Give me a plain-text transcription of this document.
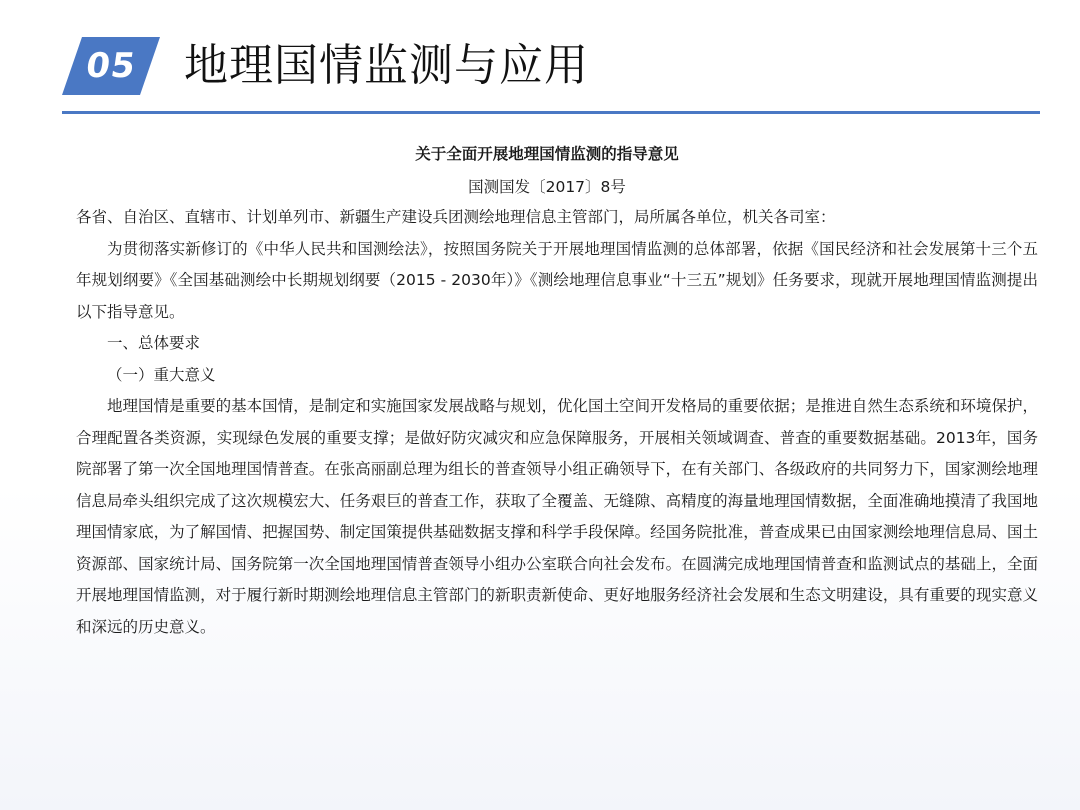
05	地理国情监测与应用
关于全面开展地理国情监测的指导意见
国测国发〔2017〕8号

各省、自治区、直辖市、计划单列市、新疆生产建设兵团测绘地理信息主管部门，局所属各单位，机关各司室：

为贯彻落实新修订的《中华人民共和国测绘法》，按照国务院关于开展地理国情监测的总体部署，依据《国民经济和社会发展第十三个五年规划纲要》《全国基础测绘中长期规划纲要（2015 - 2030年）》《测绘地理信息事业“十三五”规划》任务要求，现就开展地理国情监测提出以下指导意见。

一、总体要求

（一）重大意义

地理国情是重要的基本国情，是制定和实施国家发展战略与规划，优化国土空间开发格局的重要依据；是推进自然生态系统和环境保护，合理配置各类资源，实现绿色发展的重要支撑；是做好防灾减灾和应急保障服务，开展相关领域调查、普查的重要数据基础。2013年，国务院部署了第一次全国地理国情普查。在张高丽副总理为组长的普查领导小组正确领导下，在有关部门、各级政府的共同努力下，国家测绘地理信息局牵头组织完成了这次规模宏大、任务艰巨的普查工作，获取了全覆盖、无缝隙、高精度的海量地理国情数据，全面准确地摸清了我国地理国情家底，为了解国情、把握国势、制定国策提供基础数据支撑和科学手段保障。经国务院批准，普查成果已由国家测绘地理信息局、国土资源部、国家统计局、国务院第一次全国地理国情普查领导小组办公室联合向社会发布。在圆满完成地理国情普查和监测试点的基础上，全面开展地理国情监测，对于履行新时期测绘地理信息主管部门的新职责新使命、更好地服务经济社会发展和生态文明建设，具有重要的现实意义和深远的历史意义。
